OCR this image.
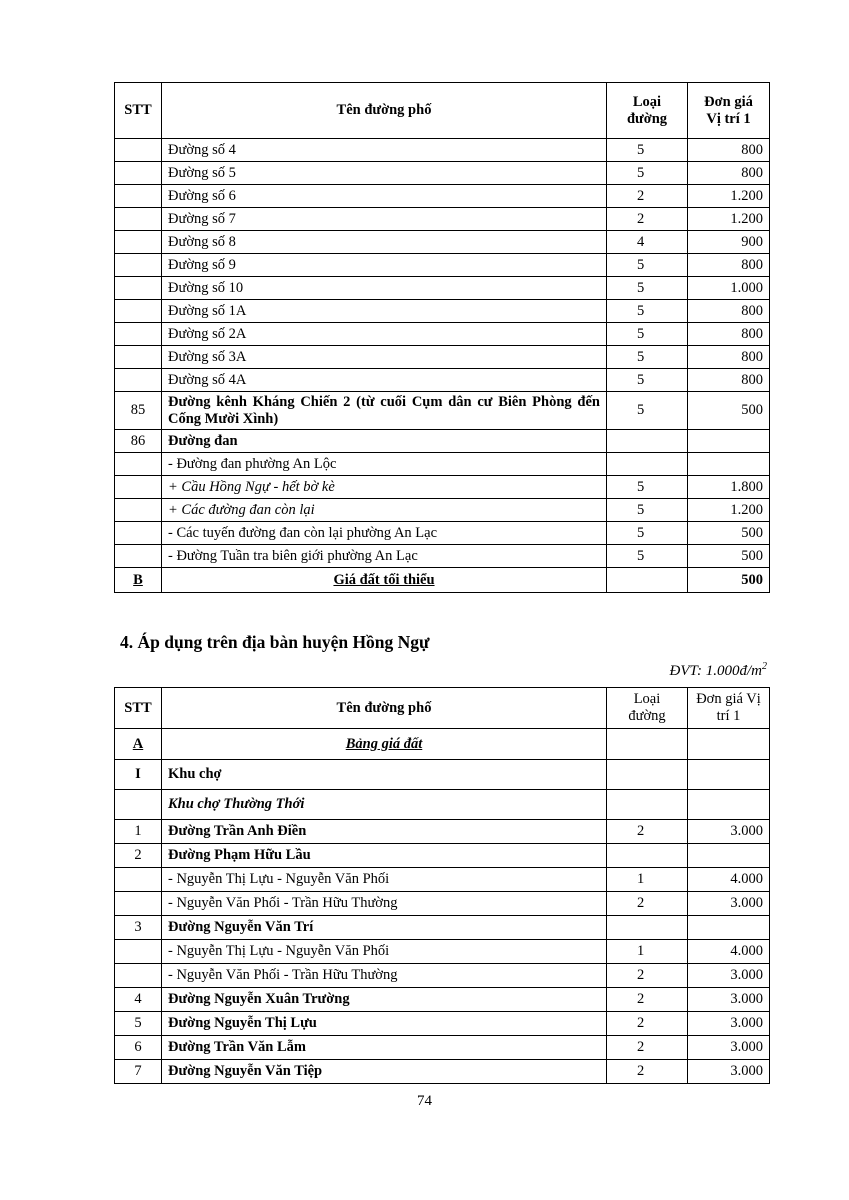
STT	Tên đường phố	Loại đường	Đơn giá Vị trí 1
	Đường số 4	5	800
	Đường số 5	5	800
	Đường số 6	2	1.200
	Đường số 7	2	1.200
	Đường số 8	4	900
	Đường số 9	5	800
	Đường số 10	5	1.000
	Đường số 1A	5	800
	Đường số 2A	5	800
	Đường số 3A	5	800
	Đường số 4A	5	800
85	Đường kênh Kháng Chiến 2 (từ cuối Cụm dân cư Biên Phòng đến Cống Mười Xình)	5	500
86	Đường đan		
	- Đường đan phường An Lộc		
	+ Cầu Hồng Ngự - hết bờ kè	5	1.800
	+ Các đường đan còn lại	5	1.200
	- Các tuyến đường đan còn lại phường An Lạc	5	500
	- Đường Tuần tra biên giới phường An Lạc	5	500
B	Giá đất tối thiểu		500
4. Áp dụng trên địa bàn huyện Hồng Ngự
ĐVT: $1.000đ/m^2$
STT	Tên đường phố	Loại đường	Đơn giá Vị trí 1
A	Bảng giá đất		
I	Khu chợ		
	Khu chợ Thường Thới		
1	Đường Trần Anh Điền	2	3.000
2	Đường Phạm Hữu Lầu		
	- Nguyễn Thị Lựu - Nguyễn Văn Phối	1	4.000
	- Nguyễn Văn Phối - Trần Hữu Thường	2	3.000
3	Đường Nguyễn Văn Trí		
	- Nguyễn Thị Lựu - Nguyễn Văn Phối	1	4.000
	- Nguyễn Văn Phối - Trần Hữu Thường	2	3.000
4	Đường Nguyễn Xuân Trường	2	3.000
5	Đường Nguyễn Thị Lựu	2	3.000
6	Đường Trần Văn Lẫm	2	3.000
7	Đường Nguyễn Văn Tiệp	2	3.000
74
